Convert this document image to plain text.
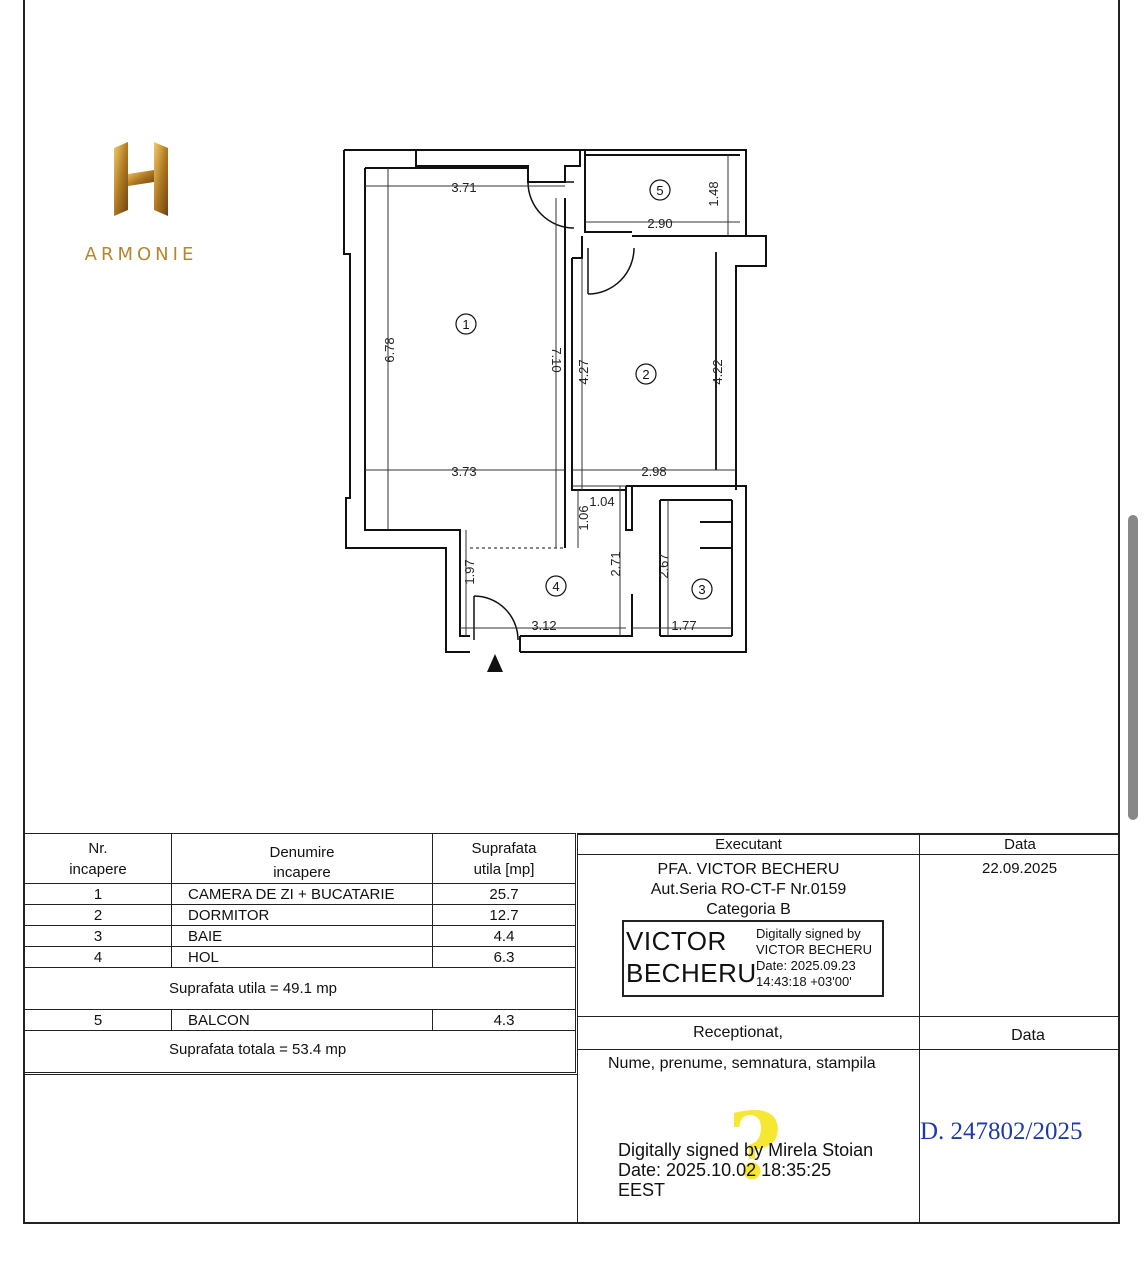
ARMONIE
3.71
6.78	7.10
2.90
1.48
4.27	4.22
3.73	2.98
1.04
1.06
2.71	2.67
1.97
3.12	1.77
1
2
3
4
5
Nr. incapere	Denumire incapere	Suprafata utila [mp]

1	CAMERA DE ZI + BUCATARIE	25.7
2	DORMITOR	12.7
3	BAIE	4.4
4	HOL	6.3
Suprafata utila = 49.1 mp		
5	BALCON	4.3
Suprafata totala = 53.4 mp		
Executant
PFA. VICTOR BECHERU
Aut.Seria RO-CT-F Nr.0159
Categoria B
VICTOR
BECHERU
Digitally signed by
VICTOR BECHERU
Date: 2025.09.23
14:43:18 +03'00'
Data
22.09.2025
Receptionat,
Nume, prenume, semnatura, stampila
Data
?
Digitally signed by Mirela Stoian
Date: 2025.10.02 18:35:25
EEST
D. 247802/2025
